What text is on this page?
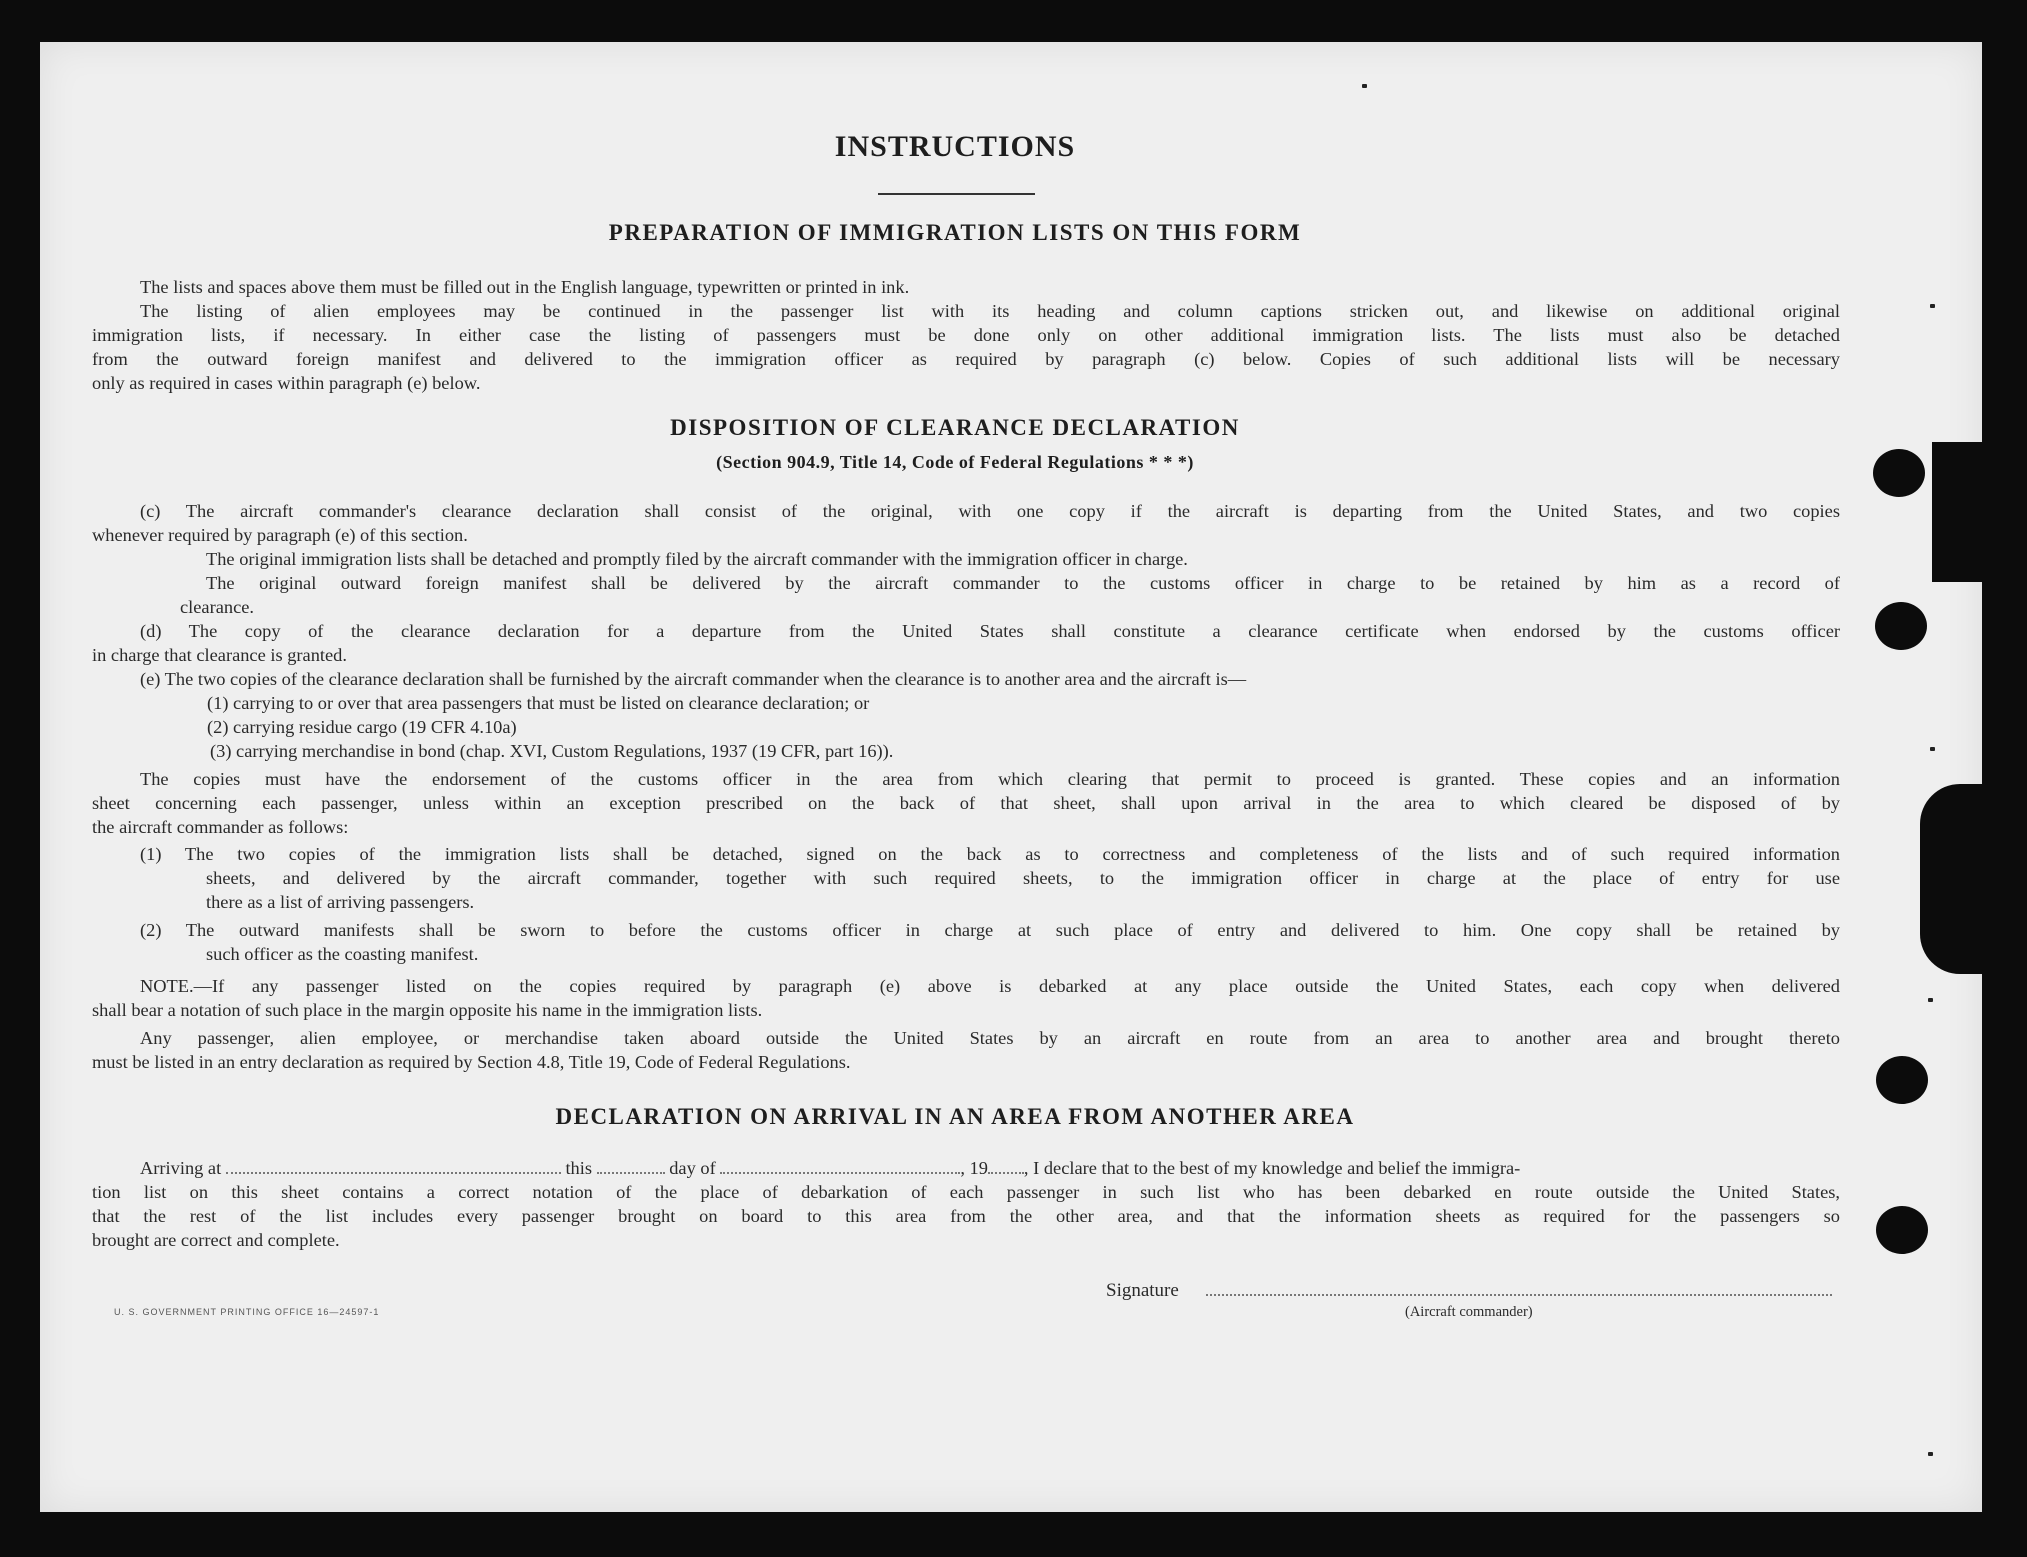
INSTRUCTIONS
PREPARATION OF IMMIGRATION LISTS ON THIS FORM
The lists and spaces above them must be filled out in the English language, typewritten or printed in ink.
The listing of alien employees may be continued in the passenger list with its heading and column captions stricken out, and likewise on additional original
immigration lists, if necessary. In either case the listing of passengers must be done only on other additional immigration lists. The lists must also be detached
from the outward foreign manifest and delivered to the immigration officer as required by paragraph (c) below. Copies of such additional lists will be necessary
only as required in cases within paragraph (e) below.
DISPOSITION OF CLEARANCE DECLARATION
(Section 904.9, Title 14, Code of Federal Regulations * * *)
(c) The aircraft commander's clearance declaration shall consist of the original, with one copy if the aircraft is departing from the United States, and two copies
whenever required by paragraph (e) of this section.
The original immigration lists shall be detached and promptly filed by the aircraft commander with the immigration officer in charge.
The original outward foreign manifest shall be delivered by the aircraft commander to the customs officer in charge to be retained by him as a record of
clearance.
(d) The copy of the clearance declaration for a departure from the United States shall constitute a clearance certificate when endorsed by the customs officer
in charge that clearance is granted.
(e) The two copies of the clearance declaration shall be furnished by the aircraft commander when the clearance is to another area and the aircraft is—
(1) carrying to or over that area passengers that must be listed on clearance declaration; or
(2) carrying residue cargo (19 CFR 4.10a)
(3) carrying merchandise in bond (chap. XVI, Custom Regulations, 1937 (19 CFR, part 16)).
The copies must have the endorsement of the customs officer in the area from which clearing that permit to proceed is granted. These copies and an information
sheet concerning each passenger, unless within an exception prescribed on the back of that sheet, shall upon arrival in the area to which cleared be disposed of by
the aircraft commander as follows:
(1) The two copies of the immigration lists shall be detached, signed on the back as to correctness and completeness of the lists and of such required information
sheets, and delivered by the aircraft commander, together with such required sheets, to the immigration officer in charge at the place of entry for use
there as a list of arriving passengers.
(2) The outward manifests shall be sworn to before the customs officer in charge at such place of entry and delivered to him. One copy shall be retained by
such officer as the coasting manifest.
NOTE.—If any passenger listed on the copies required by paragraph (e) above is debarked at any place outside the United States, each copy when delivered
shall bear a notation of such place in the margin opposite his name in the immigration lists.
Any passenger, alien employee, or merchandise taken aboard outside the United States by an aircraft en route from an area to another area and brought thereto
must be listed in an entry declaration as required by Section 4.8, Title 19, Code of Federal Regulations.
DECLARATION ON ARRIVAL IN AN AREA FROM ANOTHER AREA
Arriving at	this	day of	, 19 , I declare that to the best of my knowledge and belief the immigra-
tion list on this sheet contains a correct notation of the place of debarkation of each passenger in such list who has been debarked en route outside the United States,
that the rest of the list includes every passenger brought on board to this area from the other area, and that the information sheets as required for the passengers so
brought are correct and complete.
Signature
(Aircraft commander)
U. S. GOVERNMENT PRINTING OFFICE 16—24597-1
